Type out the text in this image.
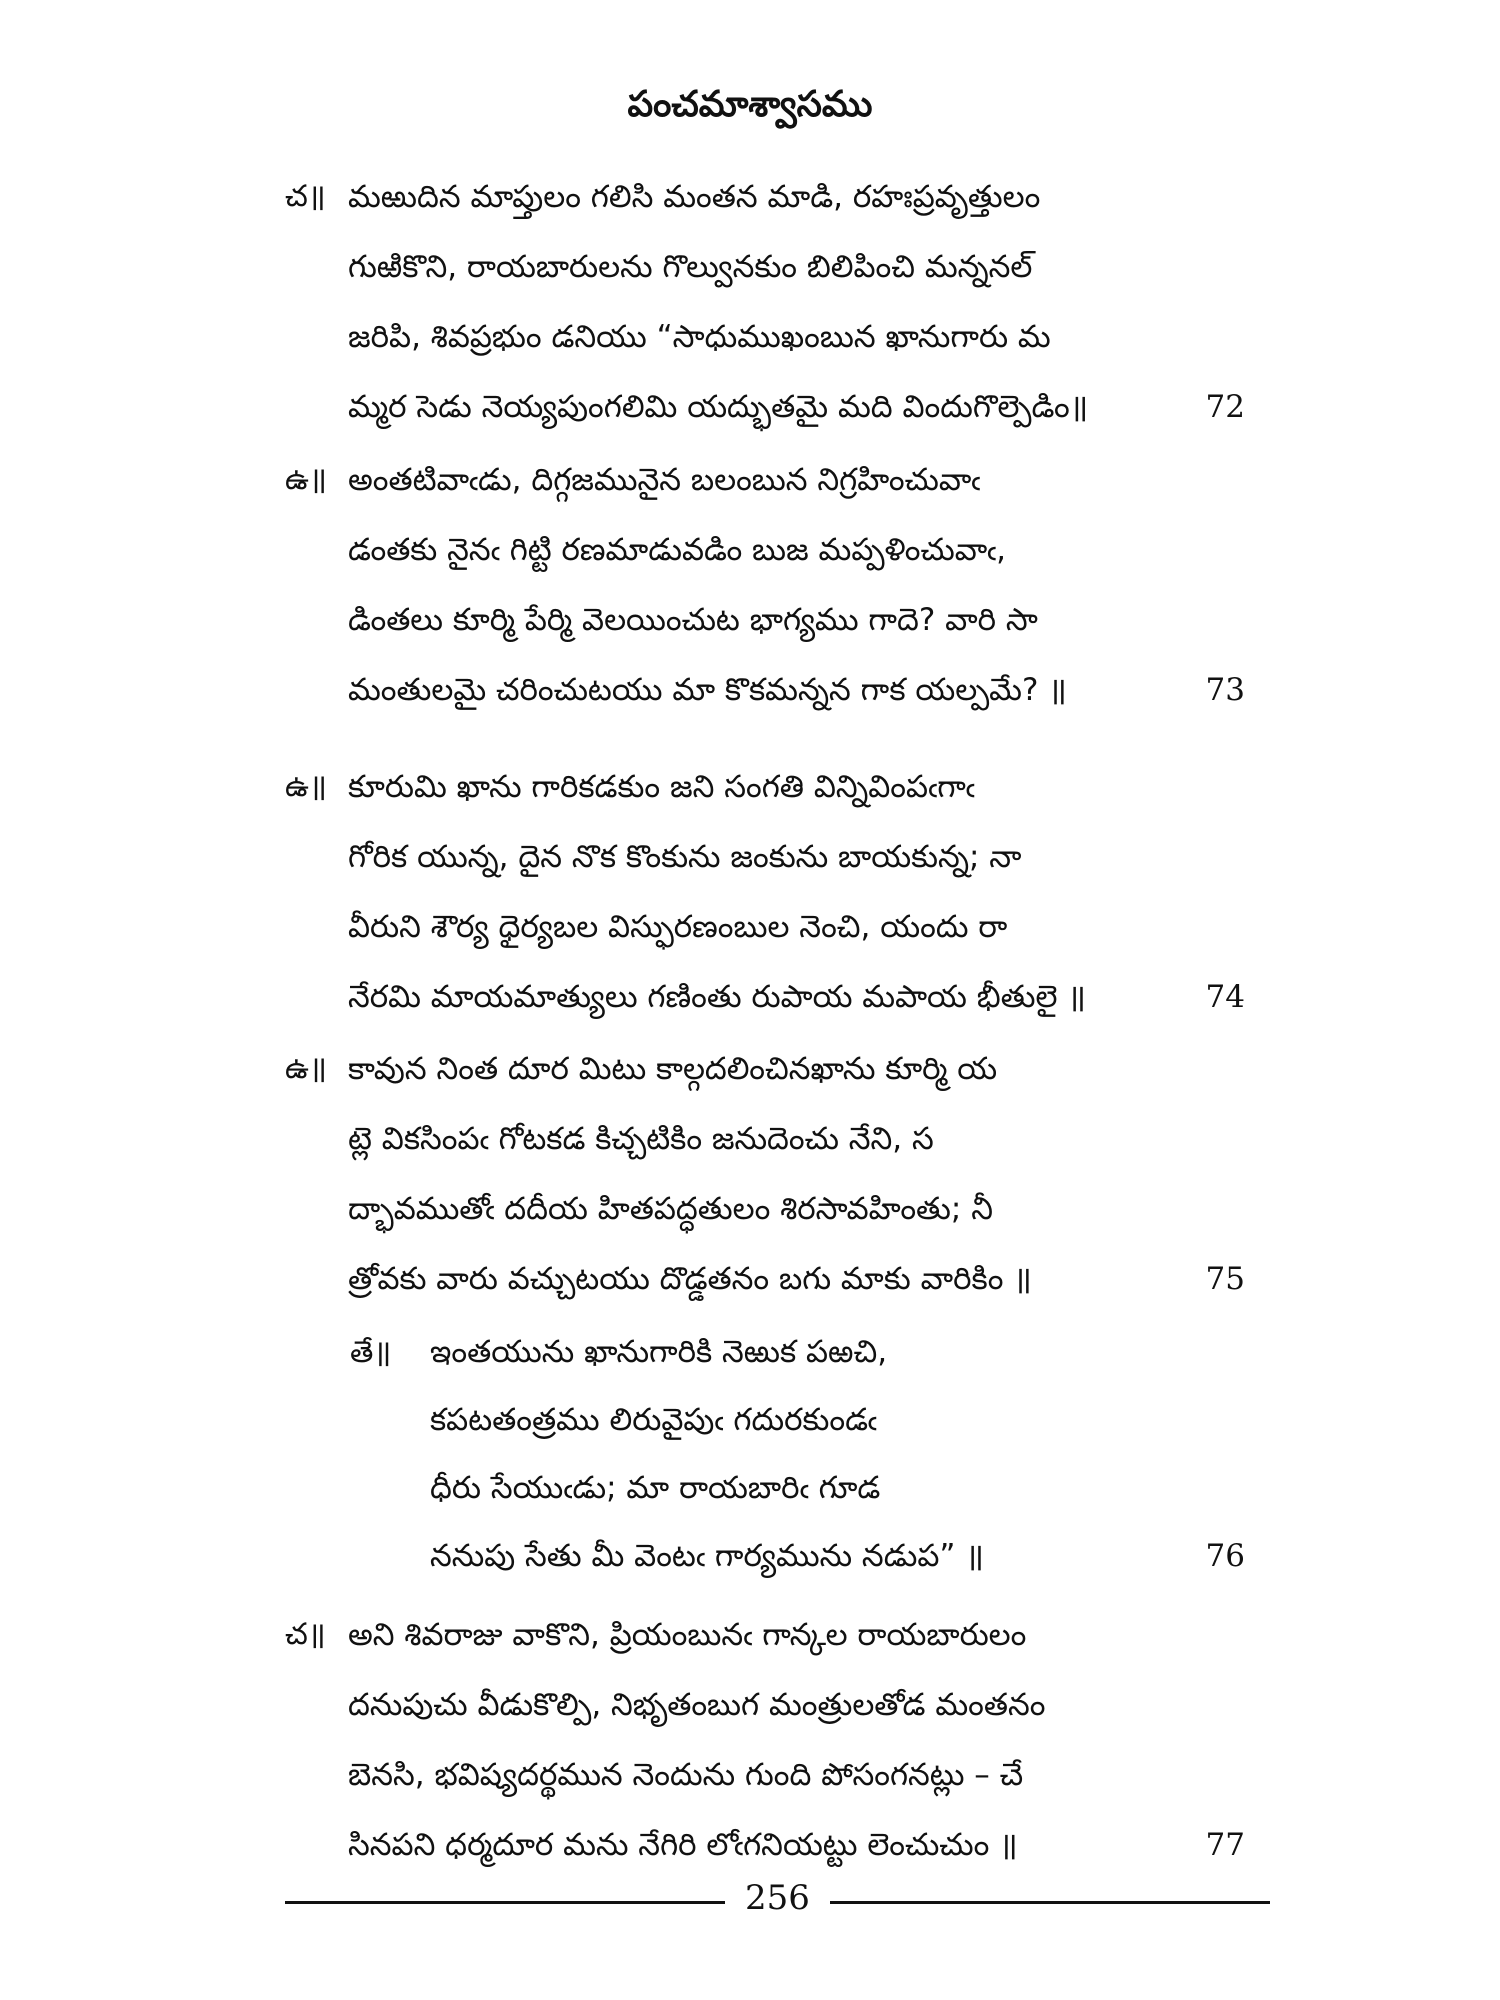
పంచమాశ్వాసము
చ॥ మఱుదిన మాప్తులం గలిసి మంతన మాడి, రహఃప్రవృత్తులం
గుఱికొని, రాయబారులను గొల్వునకుం బిలిపించి మన్ననల్
జరిపి, శివప్రభుం డనియు “సాధుముఖంబున ఖానుగారు మ
మ్మర సెడు నెయ్యపుంగలిమి యద్భుతమై మది విందుగొల్పెడిం॥	72
ఉ॥ అంతటివాఁడు, దిగ్గజమునైన బలంబున నిగ్రహించువాఁ
డంతకు నైనఁ గిట్టి రణమాడువడిం బుజ మప్పళించువాఁ,
డింతలు కూర్మి పేర్మి వెలయించుట భాగ్యము గాదె? వారి సా
మంతులమై చరించుటయు మా కొకమన్నన గాక యల్పమే? ॥	73
ఉ॥ కూరుమి ఖాను గారికడకుం జని సంగతి విన్నివింపఁగాఁ
గోరిక యున్న, దైన నొక కొంకును జంకును బాయకున్న; నా
వీరుని శౌర్య ధైర్యబల విస్ఫురణంబుల నెంచి, యందు రా
నేరమి మాయమాత్యులు గణింతు రుపాయ మపాయ భీతులై ॥	74
ఉ॥ కావున నింత దూర మిటు కాల్గదలించినఖాను కూర్మి య
ట్లె వికసింపఁ గోటకడ కిచ్చటికిం జనుదెంచు నేని, స
ద్భావముతోఁ దదీయ హితపద్ధతులం శిరసావహింతు; నీ
త్రోవకు వారు వచ్చుటయు దొడ్డతనం బగు మాకు వారికిం ॥	75
తే॥ ఇంతయును ఖానుగారికి నెఱుక పఱచి,
కపటతంత్రము లిరువైపుఁ గదురకుండఁ
ధీరు సేయుఁడు; మా రాయబారిఁ గూడ
ననుపు సేతు మీ వెంటఁ గార్యమును నడుప” ॥	76
చ॥ అని శివరాజు వాకొని, ప్రియంబునఁ గాన్కల రాయబారులం
దనుపుచు వీడుకొల్పి, నిభృతంబుగ మంత్రులతోడ మంతనం
బెనసి, భవిష్యదర్థమున నెందును గుంది పోసంగనట్లు – చే
సినపని ధర్మదూర మను నేగిరి లోఁగనియట్టు లెంచుచుం ॥	77
256
